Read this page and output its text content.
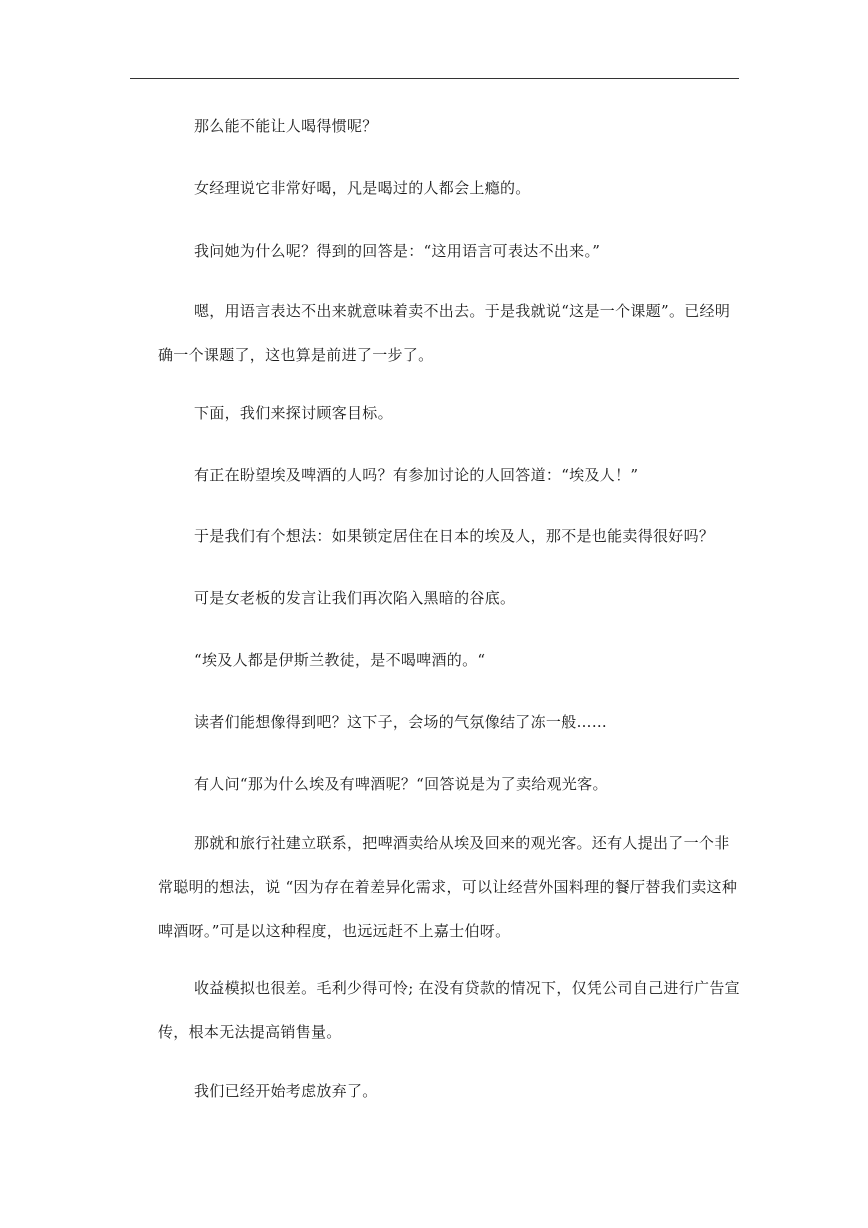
那么能不能让人喝得惯呢？

女经理说它非常好喝，凡是喝过的人都会上瘾的。

我问她为什么呢？得到的回答是：“这用语言可表达不出来。”

嗯，用语言表达不出来就意味着卖不出去。于是我就说“这是一个课题”。已经明确一个课题了，这也算是前进了一步了。

下面，我们来探讨顾客目标。

有正在盼望埃及啤酒的人吗？有参加讨论的人回答道：“埃及人！”

于是我们有个想法：如果锁定居住在日本的埃及人，那不是也能卖得很好吗？

可是女老板的发言让我们再次陷入黑暗的谷底。

“埃及人都是伊斯兰教徒，是不喝啤酒的。“

读者们能想像得到吧？这下子，会场的气氛像结了冻一般……

有人问“那为什么埃及有啤酒呢？“回答说是为了卖给观光客。

那就和旅行社建立联系，把啤酒卖给从埃及回来的观光客。还有人提出了一个非常聪明的想法，说 “因为存在着差异化需求，可以让经营外国料理的餐厅替我们卖这种啤酒呀。”可是以这种程度，也远远赶不上嘉士伯呀。

收益模拟也很差。毛利少得可怜; 在没有贷款的情况下，仅凭公司自己进行广告宣传，根本无法提高销售量。

我们已经开始考虑放弃了。
